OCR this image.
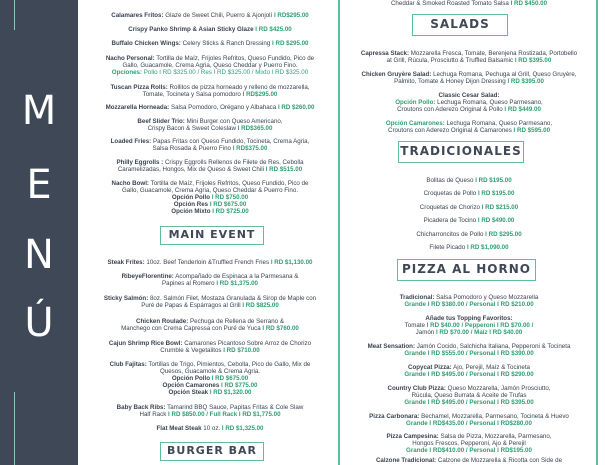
M
E
N
Ú
Calamares Fritos: Glaze de Sweet Chili, Puerro & Ajonjolí I RD$295.00
Crispy Panko Shrimp & Asian Sticky Glaze I RD $425.00
Buffalo Chicken Wings: Celery Sticks & Ranch Dressing I RD $295.00
Nacho Personal: Tortilla de Maíz, Frijoles Refritos, Queso Fundido, Pico de
Gallo, Guacamole, Crema Agria, Queso Cheddar y Puerro Fino.
Opciones: Pollo I RD $325.00 / Res I RD $325.00 / Mixto I RD $325.00
Tuscan Pizza Rolls: Rollitos de pizza horneado y relleno de mozzarella,
Tomate, Tocineta y Salsa pomodoro I RD$295.00
Mozzarella Horneada: Salsa Pomodoro, Orégano y Albahaca I RD $260.00
Beef Slider Trio: Mini Burger con Queso Americano,
Crispy Bacon & Sweet Coleslaw I RD$365.00
Loaded Fries: Papas Fritas con Queso Fundido, Tocineta, Crema Agria,
Salsa Rosada & Puerro Fino I RD$375.00
Philly Eggrolls : Crispy Eggrolls Rellenos de Filete de Res, Cebolla
Caramelizadas, Hongos, Mix de Queso & Sweet Chili I RD $515.00
Nacho Bowl: Tortilla de Maíz, Frijoles Refritos, Queso Fundido, Pico de
Gallo, Guacamole, Crema Agria, Queso Cheddar & Puerro Fino.
Opción Pollo I RD $750.00
Opción Res I RD $675.00
Opción Mixto I RD $725.00
MAIN EVENT
Steak Frites: 10oz. Beef Tenderloin &Truffled French Fries I RD $1,130.00
RibeyeFlorentine: Acompañado de Espinaca a la Parmesana &
Papines al Romero I RD $1,375.00
Sticky Salmón: 8oz. Salmón Filet, Mostaza Granulada & Sirop de Maple con
Puré de Papas & Espárragos al Grill I RD $825.00
Chicken Roulade: Pechuga de Rellena de Serrano &
Manchego con Crema Capressa con Puré de Yuca I RD $760.00
Cajun Shrimp Rice Bowl: Camarones Picantoso Sobre Arroz de Chorizo
Crumble & Vegetalitos I RD $710.00
Club Fajitas: Tortillas de Trigo, Pimientos, Cebolla, Pico de Gallo, Mix de
Quesos, Guacamole & Crema Agria.
Opción Pollo I RD $675.00
Opción Camarones I RD $775.00
Opción Steak I RD $1,320.00
Baby Back Ribs: Tamarind BBQ Sauce, Papitas Fritas & Cole Slaw
Half Rack I RD $850.00 / Full Rack I RD $1,775.00
Flat Meat Steak 10 oz. I RD $1,325.00
BURGER BAR
Cheddar & Smoked Roasted Tomato Salsa I RD $450.00
SALADS
Capressa Stack: Mozzarella Fresca, Tomate, Berenjena Rostizada, Portobello
at Grill, Rúcula, Prosciutto & Truffled Balsamic I RD $395.00
Chicken Gruyère Salad: Lechuga Romana, Pechuga al Grill, Queso Gruyère,
Palmito, Tomate & Honey Dijon Dressing I RD $395.00
Classic Cesar Salad:
Opción Pollo: Lechuga Romana, Queso Parmesano,
Croutons con Aderezo Original & Pollo I RD $449.00
Opción Camarones: Lechuga Romana, Queso Parmesano,
Croutons con Aderezo Original & Camarones I RD $595.00
TRADICIONALES
Bolitas de Queso I RD $195.00
Croquetas de Pollo I RD $195.00
Croquetas de Chorizo I RD $215.00
Picadera de Tocino I RD $490.00
Chicharroncitos de Pollo I RD $295.00
Filete Picado I RD $1,090.00
PIZZA AL HORNO
Tradicional: Salsa Pomodoro y Queso Mozzarella
Grande I RD $380.00 / Personal I RD $210.00
Añade tus Topping Favoritos:
Tomate I RD $40.00 / Pepperoni I RD $70.00 /
Jamón I RD $70.00 / Maíz I RD $40.00
Meat Sensation: Jamón Cocido, Salchicha Italiana, Pepperoni & Tocineta
Grande I RD $555.00 / Personal I RD $390.00
Copycat Pizza: Ajo, Perejil, Maíz & Tocineta
Grande I RD $495.00 / Personal I RD $290.00
Country Club Pizza: Queso Mozzarella, Jamón Prosciutto,
Rúcula, Queso Burrata & Aceite de Trufas
Grande I RD $495.00 / Personal I RD $395.00
Pizza Carbonara: Bechamel, Mozzarella, Parmesano, Tocineta & Huevo
Grande I RD$435.00 / Personal I RD$280.00
Pizza Campesina: Salsa de Pizza, Mozzarella, Parmesano,
Hongos Frescos, Pepperoni, Ajo & Perejil
Grande I RD$410.00 / Personal I RD$195.00
Calzone Tradicional: Calzone de Mozzarella & Ricotta con Side de
